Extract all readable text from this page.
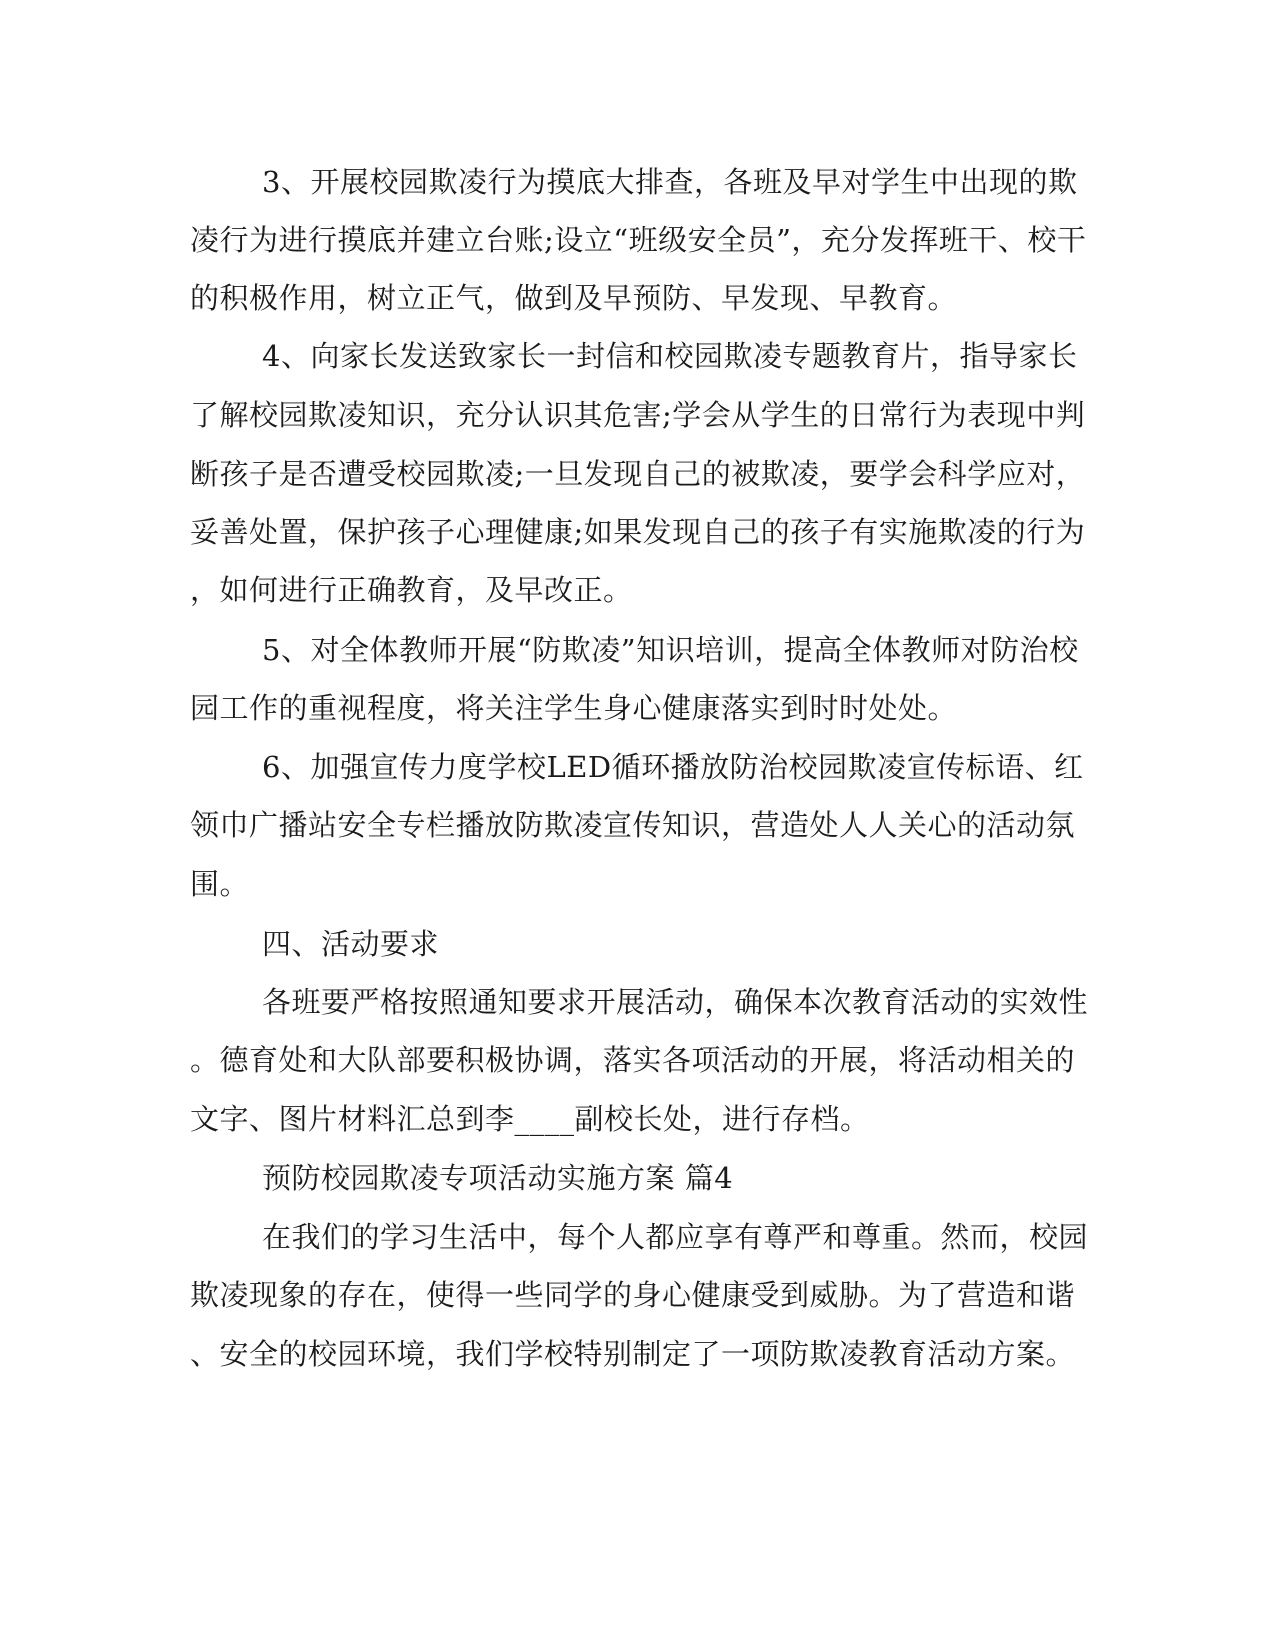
3、开展校园欺凌行为摸底大排查，各班及早对学生中出现的欺
凌行为进行摸底并建立台账;设立“班级安全员”，充分发挥班干、校干
的积极作用，树立正气，做到及早预防、早发现、早教育。
4、向家长发送致家长一封信和校园欺凌专题教育片，指导家长
了解校园欺凌知识，充分认识其危害;学会从学生的日常行为表现中判
断孩子是否遭受校园欺凌;一旦发现自己的被欺凌，要学会科学应对，
妥善处置，保护孩子心理健康;如果发现自己的孩子有实施欺凌的行为
，如何进行正确教育，及早改正。
5、对全体教师开展“防欺凌”知识培训，提高全体教师对防治校
园工作的重视程度，将关注学生身心健康落实到时时处处。
6、加强宣传力度学校LED循环播放防治校园欺凌宣传标语、红
领巾广播站安全专栏播放防欺凌宣传知识，营造处人人关心的活动氛
围。
四、活动要求
各班要严格按照通知要求开展活动，确保本次教育活动的实效性
。德育处和大队部要积极协调，落实各项活动的开展，将活动相关的
文字、图片材料汇总到李____副校长处，进行存档。
预防校园欺凌专项活动实施方案 篇4
在我们的学习生活中，每个人都应享有尊严和尊重。然而，校园
欺凌现象的存在，使得一些同学的身心健康受到威胁。为了营造和谐
、安全的校园环境，我们学校特别制定了一项防欺凌教育活动方案。
